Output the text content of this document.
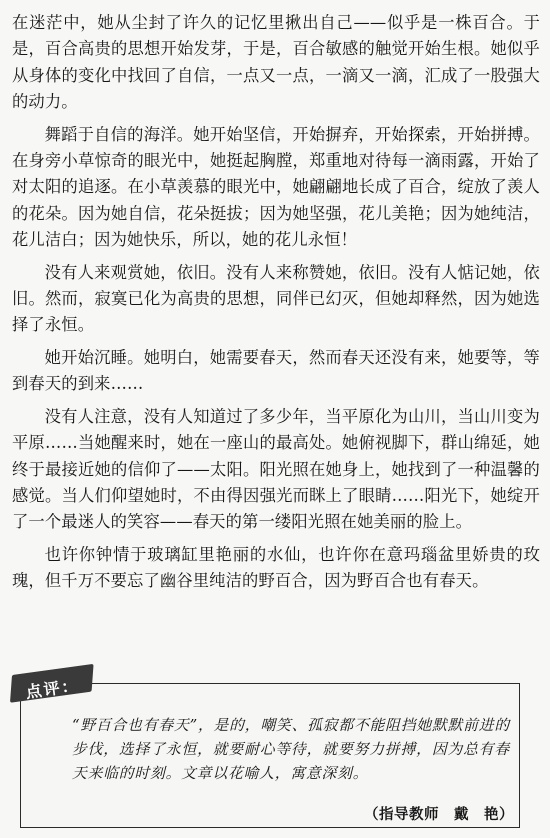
在迷茫中，她从尘封了许久的记忆里揪出自己——似乎是一株百合。于是，百合高贵的思想开始发芽，于是，百合敏感的触觉开始生根。她似乎从身体的变化中找回了自信，一点又一点，一滴又一滴，汇成了一股强大的动力。

舞蹈于自信的海洋。她开始坚信，开始摒弃，开始探索，开始拼搏。在身旁小草惊奇的眼光中，她挺起胸膛，郑重地对待每一滴雨露，开始了对太阳的追逐。在小草羡慕的眼光中，她翩翩地长成了百合，绽放了羡人的花朵。因为她自信，花朵挺拔；因为她坚强，花儿美艳；因为她纯洁，花儿洁白；因为她快乐，所以，她的花儿永恒！

没有人来观赏她，依旧。没有人来称赞她，依旧。没有人惦记她，依旧。然而，寂寞已化为高贵的思想，同伴已幻灭，但她却释然，因为她选择了永恒。

她开始沉睡。她明白，她需要春天，然而春天还没有来，她要等，等到春天的到来……

没有人注意，没有人知道过了多少年，当平原化为山川，当山川变为平原……当她醒来时，她在一座山的最高处。她俯视脚下，群山绵延，她终于最接近她的信仰了——太阳。阳光照在她身上，她找到了一种温馨的感觉。当人们仰望她时，不由得因强光而眯上了眼睛……阳光下，她绽开了一个最迷人的笑容——春天的第一缕阳光照在她美丽的脸上。

也许你钟情于玻璃缸里艳丽的水仙，也许你在意玛瑙盆里娇贵的玫瑰，但千万不要忘了幽谷里纯洁的野百合，因为野百合也有春天。

点评：

“野百合也有春天”，是的，嘲笑、孤寂都不能阻挡她默默前进的步伐，选择了永恒，就要耐心等待，就要努力拼搏，因为总有春天来临的时刻。文章以花喻人，寓意深刻。

（指导教师　戴　艳）
